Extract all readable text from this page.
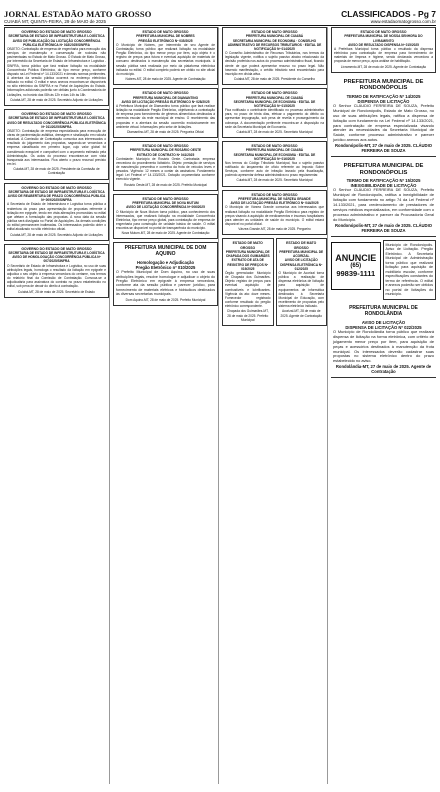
JORNAL ESTADÃO MATO GROSSO
CUIABÁ MT, QUINTA-FEIRA, 29 de MAIO de 2025
CLASSIFICADOS - Pg 7
www.estadaomatogrosso.com.br
GOVERNO DO ESTADO DE MATO GROSSO
SECRETARIA DE ESTADO DE INFRAESTRUTURA E LOGÍSTICA
AVISO DE PUBLICAÇÃO DA LICITAÇÃO CONCORRÊNCIA PÚBLICA ELETRÔNICA Nº 018/2025/SINFRA
OBJETO: Contratação de empresa de engenharia para execução dos serviços de manutenção e conservação de rodovias não pavimentadas no Estado de Mato Grosso. O Estado de Mato Grosso, por intermédio da Secretaria de Estado de Infraestrutura e Logística - SINFRA, torna público que fará realizar licitação na modalidade Concorrência Pública Eletrônica, do tipo menor preço, conforme disposto na Lei Federal nº 14.133/2021 e demais normas pertinentes. A abertura da sessão pública ocorrerá no endereço eletrônico indicado no edital. O edital e seus anexos encontram-se disponíveis no sítio eletrônico da SINFRA e no Portal de Aquisições do Estado. Informações adicionais poderão ser obtidas junto à Coordenadoria de Licitações, no horário das 08h às 12h e das 14h às 18h.
Cuiabá-MT, 28 de maio de 2025. Secretário Adjunto de Licitações
GOVERNO DO ESTADO DE MATO GROSSO
SECRETARIA DE ESTADO DE INFRAESTRUTURA E LOGÍSTICA
AVISO DE RESULTADO CONCORRÊNCIA PÚBLICA ELETRÔNICA Nº 011/2025/SINFRA
OBJETO: Contratação de empresa especializada para execução de obras de pavimentação asfáltica, drenagem e sinalização em rodovia estadual. A Comissão de Contratação comunica aos interessados o resultado do julgamento das propostas, sagrando-se vencedora a empresa classificada em primeiro lugar, cujo valor global foi considerado exequível e compatível com o orçamento estimado pela Administração. Os autos do processo encontram-se com vista franqueada aos interessados. Fica aberto o prazo recursal previsto em lei.
Cuiabá-MT, 28 de maio de 2025. Presidente da Comissão de Contratação
GOVERNO DO ESTADO DE MATO GROSSO
SECRETARIA DE ESTADO DE INFRAESTRUTURA E LOGÍSTICA
AVISO DE REABERTURA DE PRAZO CONCORRÊNCIA PÚBLICA Nº 009/2025/SINFRA
A Secretaria de Estado de Infraestrutura e Logística torna pública a reabertura do prazo para apresentação de propostas referente à licitação em epígrafe, tendo em vista alterações promovidas no edital que afetam a formulação das propostas. A nova data da sessão pública será divulgada no Portal de Aquisições. As demais condições do edital permanecem inalteradas. Os interessados poderão obter o edital atualizado no sítio eletrônico oficial.
Cuiabá-MT, 28 de maio de 2025. Secretário Adjunto de Licitações
GOVERNO DO ESTADO DE MATO GROSSO
SECRETARIA DE ESTADO DE INFRAESTRUTURA E LOGÍSTICA
AVISO DE HOMOLOGAÇÃO CONCORRÊNCIA PÚBLICA Nº 007/2025/SINFRA
O Secretário de Estado de Infraestrutura e Logística, no uso de suas atribuições legais, homologa o resultado da licitação em epígrafe e adjudica o seu objeto à empresa vencedora do certame, nos termos do relatório final da Comissão de Contratação. Convoca-se a adjudicatária para assinatura do contrato no prazo estabelecido no edital, sob pena de decair do direito à contratação.
Cuiabá-MT, 28 de maio de 2025. Secretário de Estado
ESTADO DE MATO GROSSO
PREFEITURA MUNICIPAL DE NOBRES
PREGÃO ELETRÔNICO Nº 035/2025
O Município de Nobres, por intermédio de seu Agente de Contratação, torna público que realizará licitação na modalidade Pregão Eletrônico, do tipo menor preço por item, cujo objeto é o registro de preços para futura e eventual aquisição de materiais de consumo destinados à manutenção das secretarias municipais. A sessão pública será realizada por meio da plataforma eletrônica indicada no edital. O edital completo poderá ser obtido no site oficial do município.
Nobres-MT, 28 de maio de 2025. Agente de Contratação
ESTADO DE MATO GROSSO
PREFEITURA MUNICIPAL DE DIAMANTINO
AVISO DE LICITAÇÃO PREGÃO ELETRÔNICO Nº 028/2025
A Prefeitura Municipal de Diamantino torna público que fará realizar licitação na modalidade Pregão Eletrônico, objetivando a contratação de empresa para fornecimento de gêneros alimentícios destinados à merenda escolar da rede municipal de ensino. O recebimento das propostas e a abertura da sessão ocorrerão exclusivamente em ambiente virtual. Informações pelo setor de licitações.
Diamantino-MT, 28 de maio de 2025. Pregoeira Oficial
ESTADO DE MATO GROSSO
PREFEITURA MUNICIPAL DE ROSÁRIO OESTE
EXTRATO DE CONTRATO Nº 041/2025
Contratante: Município de Rosário Oeste. Contratada: empresa vencedora do procedimento licitatório. Objeto: prestação de serviços de manutenção preventiva e corretiva da frota de veículos leves e pesados. Vigência: 12 meses a contar da assinatura. Fundamento legal: Lei Federal nº 14.133/2021. Dotação orçamentária conforme exercício vigente.
Rosário Oeste-MT, 28 de maio de 2025. Prefeito Municipal
ESTADO DE MATO GROSSO
PREFEITURA MUNICIPAL DE NOVA MUTUM
AVISO DE LICITAÇÃO CONCORRÊNCIA Nº 006/2025
O Município de Nova Mutum torna público, para conhecimento dos interessados, que realizará licitação na modalidade Concorrência Eletrônica, tipo menor preço global, para contratação de empresa de engenharia para construção de unidade básica de saúde. O edital encontra-se disponível no portal de transparência do município.
Nova Mutum-MT, 28 de maio de 2025. Agente de Contratação
PREFEITURA MUNICIPAL DE DOM AQUINO
Homologação e Adjudicação
Pregão Eletrônico nº 010/2025
O Prefeito Municipal de Dom Aquino, no uso de suas atribuições legais, resolve homologar e adjudicar o objeto do Pregão Eletrônico em epígrafe à empresa vencedora, conforme ata da sessão pública e parecer jurídico, para fornecimento de materiais elétricos e hidráulicos destinados às diversas secretarias municipais.
Dom Aquino-MT, 28 de maio de 2025. Prefeito Municipal
ESTADO DE MATO GROSSO
PREFEITURA MUNICIPAL DE CUIABÁ
SECRETARIA MUNICIPAL DE ECONOMIA · CONSELHO ADMINISTRATIVO DE RECURSOS TRIBUTÁRIOS · EDITAL DE NOTIFICAÇÃO Nº 014/2025
O Conselho Administrativo de Recursos Tributários, nos termos da legislação vigente, notifica o sujeito passivo abaixo relacionado da decisão proferida nos autos do processo administrativo fiscal, ficando ciente de que poderá apresentar recurso no prazo legal. Não havendo manifestação, o crédito tributário será encaminhado para inscrição em dívida ativa.
Cuiabá-MT, 28 de maio de 2025. Presidente do Conselho
ESTADO DE MATO GROSSO
PREFEITURA MUNICIPAL DE CUIABÁ
SECRETARIA MUNICIPAL DE ECONOMIA · EDITAL DE NOTIFICAÇÃO Nº 015/2025
Fica notificado o contribuinte identificado no processo administrativo para, no prazo de trinta dias, efetuar o pagamento do débito ou apresentar impugnação, sob pena de revelia e prosseguimento da cobrança. A documentação pertinente encontra-se à disposição na sede da Secretaria Municipal de Economia.
Cuiabá-MT, 28 de maio de 2025. Secretário Municipal
ESTADO DE MATO GROSSO
PREFEITURA MUNICIPAL DE CUIABÁ
SECRETARIA MUNICIPAL DE ECONOMIA · EDITAL DE NOTIFICAÇÃO Nº 016/2025
Nos termos do Código Tributário Municipal, fica o sujeito passivo notificado do lançamento de ofício referente ao Imposto Sobre Serviços, conforme auto de infração lavrado pela fiscalização, podendo apresentar defesa administrativa no prazo regulamentar.
Cuiabá-MT, 28 de maio de 2025. Secretário Municipal
ESTADO DE MATO GROSSO
PREFEITURA MUNICIPAL DE VÁRZEA GRANDE
AVISO DE LICITAÇÃO PREGÃO ELETRÔNICO Nº 044/2025
O Município de Várzea Grande comunica aos interessados que realizará licitação na modalidade Pregão Eletrônico para registro de preços visando à aquisição de medicamentos e insumos hospitalares para atender as unidades de saúde do município. O edital estará disponível no portal oficial.
Várzea Grande-MT, 28 de maio de 2025. Pregoeiro
ESTADO DE MATO GROSSO
PREFEITURA MUNICIPAL DE CHAPADA DOS GUIMARÃES
EXTRATO DE ATA DE REGISTRO DE PREÇOS Nº 019/2025
Órgão gerenciador: Município de Chapada dos Guimarães. Objeto: registro de preços para eventual aquisição de combustíveis e lubrificantes. Vigência da ata: doze meses. Fornecedor registrado conforme resultado do pregão eletrônico correspondente.
Chapada dos Guimarães-MT, 28 de maio de 2025. Prefeito Municipal
ESTADO DE MATO GROSSO
PREFEITURA MUNICIPAL DE ACORIZAL
AVISO DE LICITAÇÃO DISPENSA ELETRÔNICA Nº 012/2025
O Município de Acorizal torna pública a realização de dispensa eletrônica de licitação para aquisição de equipamentos de informática destinados à Secretaria Municipal de Educação, com recebimento de propostas pelo sistema eletrônico indicado.
Acorizal-MT, 28 de maio de 2025. Agente de Contratação
ESTADO DE MATO GROSSO
PREFEITURA MUNICIPAL DE NOSSA SENHORA DO LIVRAMENTO
AVISO DE RESULTADO DISPENSA Nº 015/2025
A Prefeitura Municipal torna público o resultado da dispensa eletrônica para contratação de empresa para fornecimento de materiais de limpeza e higiene, sendo declarada vencedora a proposta de menor preço, após análise de habilitação.
Livramento-MT, 28 de maio de 2025. Agente de Contratação
PREFEITURA MUNICIPAL DE RONDONÓPOLIS
TERMO DE RATIFICAÇÃO Nº 14/2025
DISPENSA DE LICITAÇÃO
O Senhor CLÁUDIO FERREIRA DE SOUZA, Prefeito Municipal de Rondonópolis, Estado de Mato Grosso, no uso de suas atribuições legais, ratifica a dispensa de licitação com fundamento na Lei Federal nº 14.133/2021, para contratação de empresa especializada visando atender às necessidades da Secretaria Municipal de Saúde, conforme processo administrativo e parecer jurídico anexos aos autos.
Rondonópolis-MT, 27 de maio de 2025. CLÁUDIO FERREIRA DE SOUZA
PREFEITURA MUNICIPAL DE RONDONÓPOLIS
TERMO DE RATIFICAÇÃO Nº 15/2025
INEXIGIBILIDADE DE LICITAÇÃO
O Senhor CLÁUDIO FERREIRA DE SOUZA, Prefeito Municipal de Rondonópolis, ratifica a inexigibilidade de licitação com fundamento no artigo 74 da Lei Federal nº 14.133/2021, para credenciamento de prestadores de serviços médicos especializados, em conformidade com o processo administrativo e parecer da Procuradoria Geral do Município.
Rondonópolis-MT, 27 de maio de 2025. CLÁUDIO FERREIRA DE SOUZA
ANUNCIE
(65)
99839-1111
Município de Rondonópolis. Aviso de Licitação. Pregão Eletrônico. A Secretaria Municipal de Administração torna público que realizará licitação para aquisição de mobiliário escolar, conforme especificações constantes do termo de referência. O edital e anexos poderão ser obtidos no portal de licitações do município.
PREFEITURA MUNICIPAL DE RONDOLÂNDIA
AVISO DE LICITAÇÃO
DISPENSA DE LICITAÇÃO Nº 022/2025
O Município de Rondolândia torna público que realizará dispensa de licitação na forma eletrônica, com critério de julgamento menor preço por item, para aquisição de peças e acessórios destinados à manutenção da frota municipal. Os interessados deverão cadastrar suas propostas no sistema eletrônico dentro do prazo estabelecido no aviso.
Rondolândia-MT, 27 de maio de 2025. Agente de Contratação
